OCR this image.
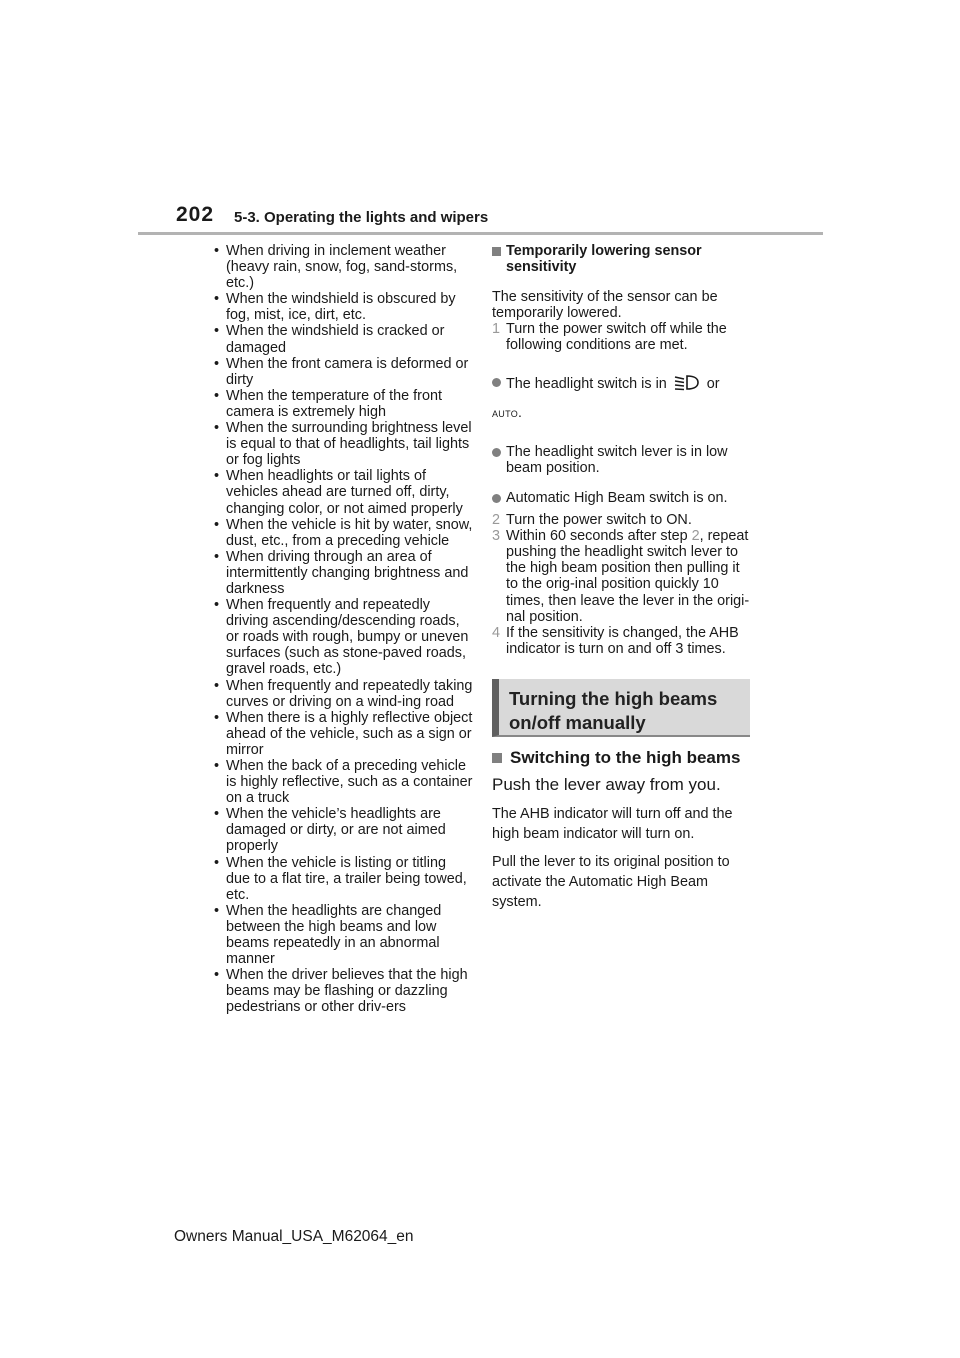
202 5-3. Operating the lights and wipers
• When driving in inclement weather (heavy rain, snow, fog, sand-storms, etc.)
• When the windshield is obscured by fog, mist, ice, dirt, etc.
• When the windshield is cracked or damaged
• When the front camera is deformed or dirty
• When the temperature of the front camera is extremely high
• When the surrounding brightness level is equal to that of headlights, tail lights or fog lights
• When headlights or tail lights of vehicles ahead are turned off, dirty, changing color, or not aimed properly
• When the vehicle is hit by water, snow, dust, etc., from a preceding vehicle
• When driving through an area of intermittently changing brightness and darkness
• When frequently and repeatedly driving ascending/descending roads, or roads with rough, bumpy or uneven surfaces (such as stone-paved roads, gravel roads, etc.)
• When frequently and repeatedly taking curves or driving on a wind-ing road
• When there is a highly reflective object ahead of the vehicle, such as a sign or mirror
• When the back of a preceding vehicle is highly reflective, such as a container on a truck
• When the vehicle’s headlights are damaged or dirty, or are not aimed properly
• When the vehicle is listing or titling due to a flat tire, a trailer being towed, etc.
• When the headlights are changed between the high beams and low beams repeatedly in an abnormal manner
• When the driver believes that the high beams may be flashing or dazzling pedestrians or other driv-ers
Temporarily lowering sensor sensitivity
The sensitivity of the sensor can be temporarily lowered.
1 Turn the power switch off while the following conditions are met.
The headlight switch is in	or
AUTO.
The headlight switch lever is in low beam position.
Automatic High Beam switch is on.
2 Turn the power switch to ON.
3 Within 60 seconds after step 2, repeat pushing the headlight switch lever to the high beam position then pulling it to the orig-inal position quickly 10 times, then leave the lever in the origi-nal position.
4 If the sensitivity is changed, the AHB indicator is turn on and off 3 times.
Turning the high beams on/off manually
Switching to the high beams
Push the lever away from you.
The AHB indicator will turn off and the high beam indicator will turn on.
Pull the lever to its original position to activate the Automatic High Beam system.
Owners Manual_USA_M62064_en
